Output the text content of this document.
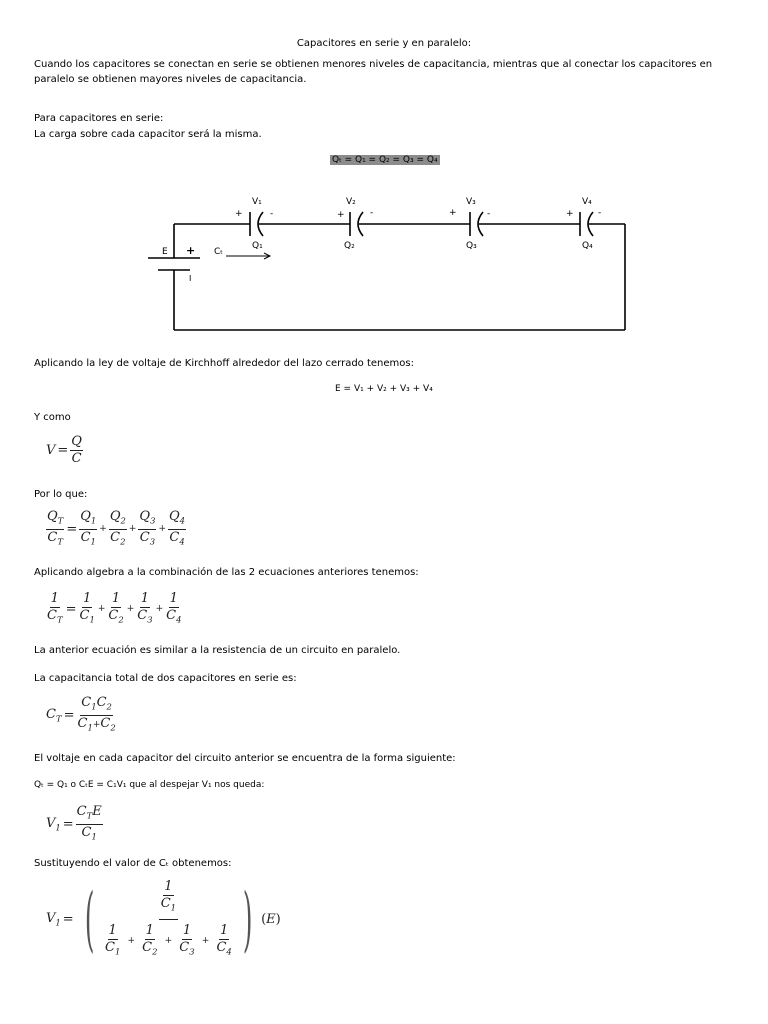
Capacitores en serie y en paralelo:
Cuando los capacitores se conectan en serie se obtienen menores niveles de capacitancia, mientras que al conectar los capacitores en paralelo se obtienen mayores niveles de capacitancia.
Para capacitores en serie:
La carga sobre cada capacitor será la misma.
Qₜ = Q₁ = Q₂ = Q₃ = Q₄
V₁	V₂	V₃	V₄
+	-	+	-	+	-	+	-
Q₁	Q₂	Q₃	Q₄
E + Cₜ
I
Aplicando la ley de voltaje de Kirchhoff alrededor del lazo cerrado tenemos:
E = V₁ + V₂ + V₃ + V₄
Y como
$V = \frac{Q}{C}$
Por lo que:
$\frac{Q_T}{C_T} = \frac{Q_1}{C_1} + \frac{Q_2}{C_2} + \frac{Q_3}{C_3} + \frac{Q_4}{C_4}$
Aplicando algebra a la combinación de las 2 ecuaciones anteriores tenemos:
$\frac{1}{C_T} = \frac{1}{C_1} + \frac{1}{C_2} + \frac{1}{C_3} + \frac{1}{C_4}$
La anterior ecuación es similar a la resistencia de un circuito en paralelo.
La capacitancia total de dos capacitores en serie es:
$C_T = \frac{C_1C_2}{C_1+C_2}$
El voltaje en cada capacitor del circuito anterior se encuentra de la forma siguiente:
Qₜ = Q₁ o CₜE = C₁V₁ que al despejar V₁ nos queda:
$V_1 = \frac{C_TE}{C_1}$
Sustituyendo el valor de Cₜ obtenemos:
$V_1$ = ( $\frac{\frac{1}{C_1}}{\frac{1}{C_1} + \frac{1}{C_2} + \frac{1}{C_3} + \frac{1}{C_4}}$ ) ( E )
